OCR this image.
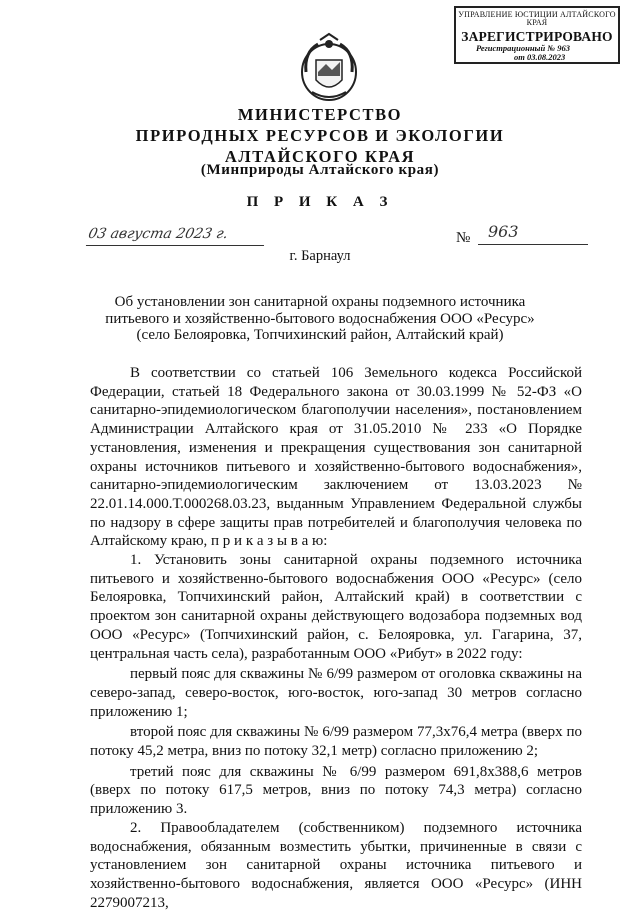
УПРАВЛЕНИЕ ЮСТИЦИИ АЛТАЙСКОГО КРАЯ
ЗАРЕГИСТРИРОВАНО
Регистрационный № 963
от 03.08.2023
МИНИСТЕРСТВО
ПРИРОДНЫХ РЕСУРСОВ И ЭКОЛОГИИ
АЛТАЙСКОГО КРАЯ
(Минприроды Алтайского края)
П Р И К А З
03 августа 2023 г.	№	963
г. Барнаул
Об установлении зон санитарной охраны подземного источника
питьевого и хозяйственно-бытового водоснабжения ООО «Ресурс»
(село Белояровка, Топчихинский район, Алтайский край)

В соответствии со статьей 106 Земельного кодекса Российской Федерации, статьей 18 Федерального закона от 30.03.1999 № 52-ФЗ «О санитарно-эпидемиологическом благополучии населения», постановлением Администрации Алтайского края от 31.05.2010 № 233 «О Порядке установления, изменения и прекращения существования зон санитарной охраны источников питьевого и хозяйственно-бытового водоснабжения», санитарно-эпидемиологическим заключением от 13.03.2023 № 22.01.14.000.Т.000268.03.23, выданным Управлением Федеральной службы по надзору в сфере защиты прав потребителей и благополучия человека по Алтайскому краю, п р и к а з ы в а ю:

1. Установить зоны санитарной охраны подземного источника питьевого и хозяйственно-бытового водоснабжения ООО «Ресурс» (село Белояровка, Топчихинский район, Алтайский край) в соответствии с проектом зон санитарной охраны действующего водозабора подземных вод ООО «Ресурс» (Топчихинский район, с. Белояровка, ул. Гагарина, 37, центральная часть села), разработанным ООО «Рибут» в 2022 году:

первый пояс для скважины № 6/99 размером от оголовка скважины на северо-запад, северо-восток, юго-восток, юго-запад 30 метров согласно приложению 1;

второй пояс для скважины № 6/99 размером 77,3х76,4 метра (вверх по потоку 45,2 метра, вниз по потоку 32,1 метр) согласно приложению 2;

третий пояс для скважины № 6/99 размером 691,8х388,6 метров (вверх по потоку 617,5 метров, вниз по потоку 74,3 метра) согласно приложению 3.

2. Правообладателем (собственником) подземного источника водоснабжения, обязанным возместить убытки, причиненные в связи с установлением зон санитарной охраны источника питьевого и хозяйственно-бытового водоснабжения, является ООО «Ресурс» (ИНН 2279007213,
